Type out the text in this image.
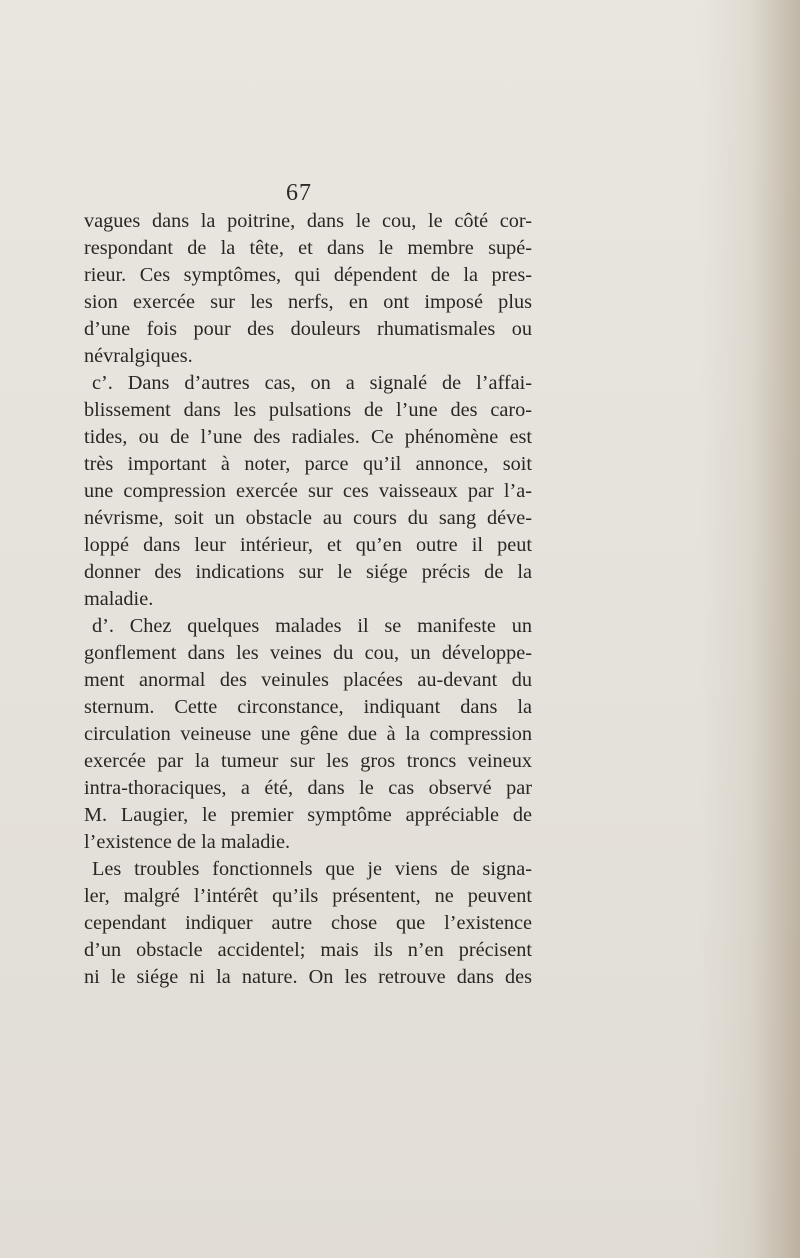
67
vagues dans la poitrine, dans le cou, le côté cor-
respondant de la tête, et dans le membre supé-
rieur. Ces symptômes, qui dépendent de la pres-
sion exercée sur les nerfs, en ont imposé plus
d’une fois pour des douleurs rhumatismales ou
névralgiques.
c’. Dans d’autres cas, on a signalé de l’affai-
blissement dans les pulsations de l’une des caro-
tides, ou de l’une des radiales. Ce phénomène est
très important à noter, parce qu’il annonce, soit
une compression exercée sur ces vaisseaux par l’a-
névrisme, soit un obstacle au cours du sang déve-
loppé dans leur intérieur, et qu’en outre il peut
donner des indications sur le siége précis de la
maladie.
d’. Chez quelques malades il se manifeste un
gonflement dans les veines du cou, un développe-
ment anormal des veinules placées au-devant du
sternum. Cette circonstance, indiquant dans la
circulation veineuse une gêne due à la compression
exercée par la tumeur sur les gros troncs veineux
intra-thoraciques, a été, dans le cas observé par
M. Laugier, le premier symptôme appréciable de
l’existence de la maladie.
Les troubles fonctionnels que je viens de signa-
ler, malgré l’intérêt qu’ils présentent, ne peuvent
cependant indiquer autre chose que l’existence
d’un obstacle accidentel; mais ils n’en précisent
ni le siége ni la nature. On les retrouve dans des
